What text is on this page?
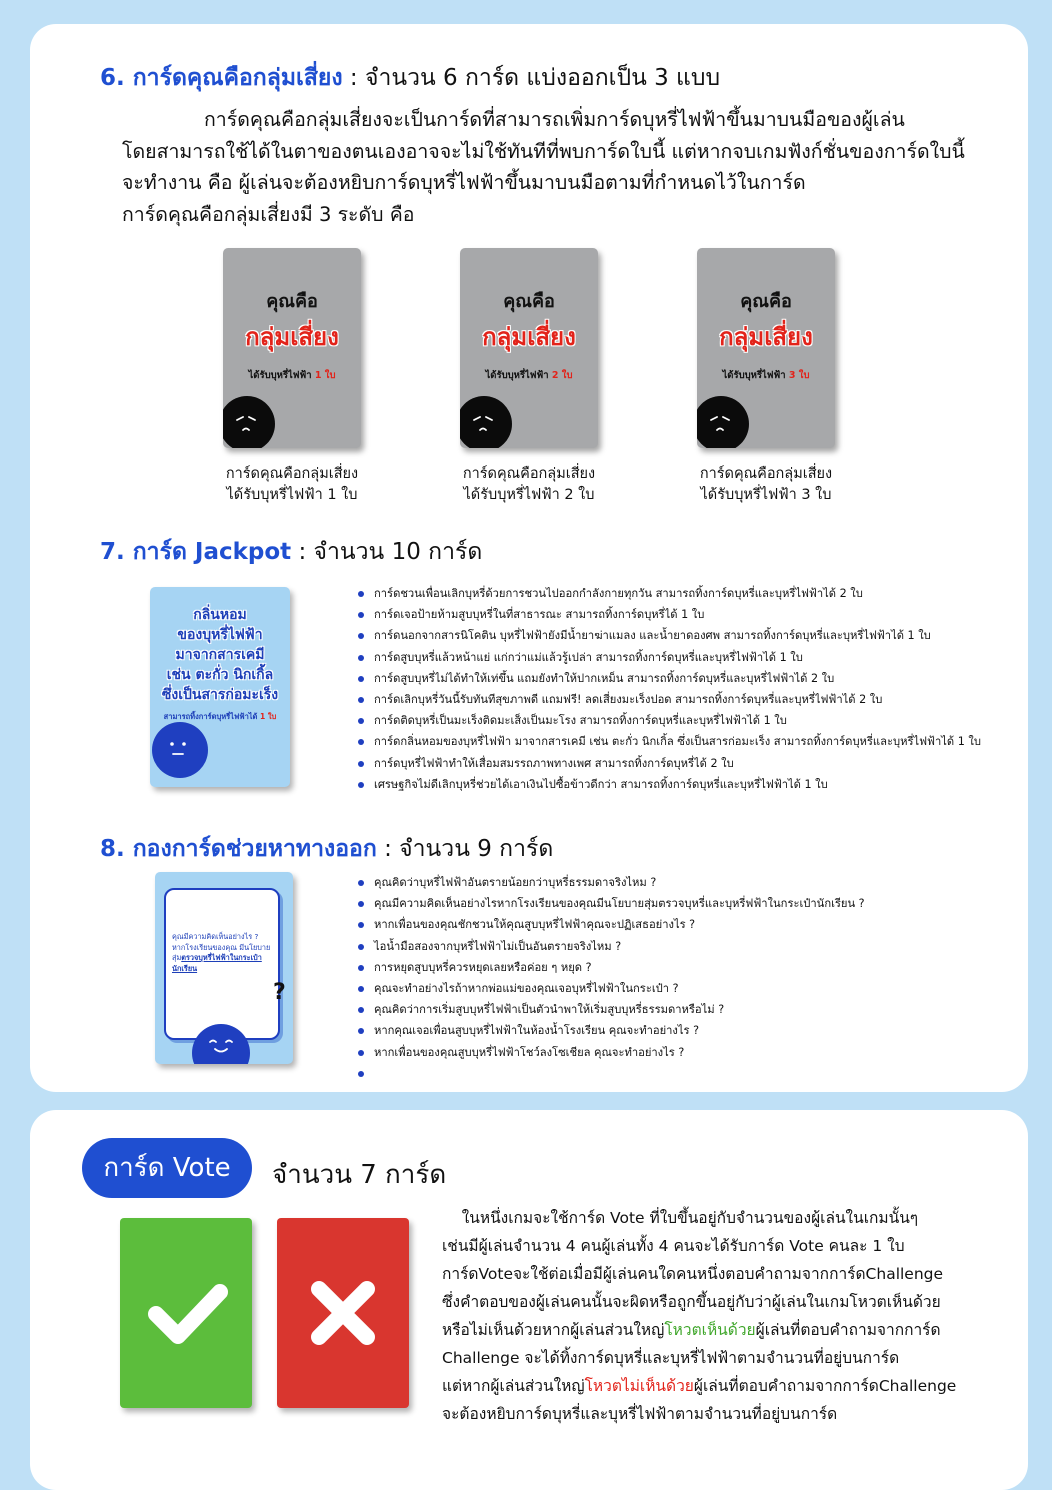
6. การ์ดคุณคือกลุ่มเสี่ยง : จำนวน 6 การ์ด แบ่งออกเป็น 3 แบบ
การ์ดคุณคือกลุ่มเสี่ยงจะเป็นการ์ดที่สามารถเพิ่มการ์ดบุหรี่ไฟฟ้าขึ้นมาบนมือของผู้เล่น
โดยสามารถใช้ได้ในตาของตนเองอาจจะไม่ใช้ทันทีที่พบการ์ดใบนี้ แต่หากจบเกมฟังก์ชั่นของการ์ดใบนี้
จะทำงาน คือ ผู้เล่นจะต้องหยิบการ์ดบุหรี่ไฟฟ้าขึ้นมาบนมือตามที่กำหนดไว้ในการ์ด
การ์ดคุณคือกลุ่มเสี่ยงมี 3 ระดับ คือ
คุณคือ
กลุ่มเสี่ยง
ได้รับบุหรี่ไฟฟ้า 1 ใบ
การ์ดคุณคือกลุ่มเสี่ยง
ได้รับบุหรี่ไฟฟ้า 1 ใบ
คุณคือ
กลุ่มเสี่ยง
ได้รับบุหรี่ไฟฟ้า 2 ใบ
การ์ดคุณคือกลุ่มเสี่ยง
ได้รับบุหรี่ไฟฟ้า 2 ใบ
คุณคือ
กลุ่มเสี่ยง
ได้รับบุหรี่ไฟฟ้า 3 ใบ
การ์ดคุณคือกลุ่มเสี่ยง
ได้รับบุหรี่ไฟฟ้า 3 ใบ
7. การ์ด Jackpot : จำนวน 10 การ์ด
กลิ่นหอม
ของบุหรี่ไฟฟ้า
มาจากสารเคมี
เช่น ตะกั่ว นิกเกิ้ล
ซึ่งเป็นสารก่อมะเร็ง
สามารถทิ้งการ์ดบุหรี่ไฟฟ้าได้ 1 ใบ
การ์ดชวนเพื่อนเลิกบุหรี่ด้วยการชวนไปออกกำลังกายทุกวัน สามารถทิ้งการ์ดบุหรี่และบุหรี่ไฟฟ้าได้ 2 ใบ
การ์ดเจอป้ายห้ามสูบบุหรี่ในที่สาธารณะ สามารถทิ้งการ์ดบุหรี่ได้ 1 ใบ
การ์ดนอกจากสารนิโคติน บุหรี่ไฟฟ้ายังมีน้ำยาฆ่าแมลง และน้ำยาดองศพ สามารถทิ้งการ์ดบุหรี่และบุหรี่ไฟฟ้าได้ 1 ใบ
การ์ดสูบบุหรี่แล้วหน้าแย่ แก่กว่าแม่แล้วรู้เปล่า สามารถทิ้งการ์ดบุหรี่และบุหรี่ไฟฟ้าได้ 1 ใบ
การ์ดสูบบุหรี่ไม่ได้ทำให้เท่ขึ้น แถมยังทำให้ปากเหม็น สามารถทิ้งการ์ดบุหรี่และบุหรี่ไฟฟ้าได้ 2 ใบ
การ์ดเลิกบุหรี่วันนี้รับทันทีสุขภาพดี แถมฟรี! ลดเสี่ยงมะเร็งปอด สามารถทิ้งการ์ดบุหรี่และบุหรี่ไฟฟ้าได้ 2 ใบ
การ์ดติดบุหรี่เป็นมะเร็งติดมะเส็งเป็นมะโรง สามารถทิ้งการ์ดบุหรี่และบุหรี่ไฟฟ้าได้ 1 ใบ
การ์ดกลิ่นหอมของบุหรี่ไฟฟ้า มาจากสารเคมี เช่น ตะกั่ว นิกเกิ้ล ซึ่งเป็นสารก่อมะเร็ง สามารถทิ้งการ์ดบุหรี่และบุหรี่ไฟฟ้าได้ 1 ใบ
การ์ดบุหรี่ไฟฟ้าทำให้เสื่อมสมรรถภาพทางเพศ สามารถทิ้งการ์ดบุหรี่ได้ 2 ใบ
เศรษฐกิจไม่ดีเลิกบุหรี่ช่วยได้เอาเงินไปซื้อข้าวดีกว่า สามารถทิ้งการ์ดบุหรี่และบุหรี่ไฟฟ้าได้ 1 ใบ
8. กองการ์ดช่วยหาทางออก : จำนวน 9 การ์ด
คุณมีความคิดเห็นอย่างไร ? หากโรงเรียนของคุณ มีนโยบายสุ่มตรวจบุหรี่ไฟฟ้าในกระเป๋านักเรียน
?
คุณคิดว่าบุหรี่ไฟฟ้าอันตรายน้อยกว่าบุหรี่ธรรมดาจริงไหม ?
คุณมีความคิดเห็นอย่างไรหากโรงเรียนของคุณมีนโยบายสุ่มตรวจบุหรี่และบุหรี่ฟฟ้าในกระเป๋านักเรียน ?
หากเพื่อนของคุณชักชวนให้คุณสูบบุหรี่ไฟฟ้าคุณจะปฏิเสธอย่างไร ?
ไอน้ำมือสองจากบุหรี่ไฟฟ้าไม่เป็นอันตรายจริงไหม ?
การหยุดสูบบุหรี่ควรหยุดเลยหรือค่อย ๆ หยุด ?
คุณจะทำอย่างไรถ้าหากพ่อแม่ของคุณเจอบุหรี่ไฟฟ้าในกระเป๋า ?
คุณคิดว่าการเริ่มสูบบุหรี่ไฟฟ้าเป็นตัวนำพาให้เริ่มสูบบุหรี่ธรรมดาหรือไม่ ?
หากคุณเจอเพื่อนสูบบุหรี่ไฟฟ้าในห้องน้ำโรงเรียน คุณจะทำอย่างไร ?
หากเพื่อนของคุณสูบบุหรี่ไฟฟ้าโชว์ลงโซเชียล คุณจะทำอย่างไร ?
การ์ด Vote	จำนวน 7 การ์ด
ในหนึ่งเกมจะใช้การ์ด Vote ที่ใบขึ้นอยู่กับจำนวนของผู้เล่นในเกมนั้นๆ
เช่นมีผู้เล่นจำนวน 4 คนผู้เล่นทั้ง 4 คนจะได้รับการ์ด Vote คนละ 1 ใบ
การ์ดVoteจะใช้ต่อเมื่อมีผู้เล่นคนใดคนหนึ่งตอบคำถามจากการ์ดChallenge
ซึ่งคำตอบของผู้เล่นคนนั้นจะผิดหรือถูกขึ้นอยู่กับว่าผู้เล่นในเกมโหวตเห็นด้วย
หรือไม่เห็นด้วยหากผู้เล่นส่วนใหญ่โหวตเห็นด้วยผู้เล่นที่ตอบคำถามจากการ์ด
Challenge จะได้ทิ้งการ์ดบุหรี่และบุหรี่ไฟฟ้าตามจำนวนที่อยู่บนการ์ด
แต่หากผู้เล่นส่วนใหญ่โหวตไม่เห็นด้วยผู้เล่นที่ตอบคำถามจากการ์ดChallenge
จะต้องหยิบการ์ดบุหรี่และบุหรี่ไฟฟ้าตามจำนวนที่อยู่บนการ์ด
